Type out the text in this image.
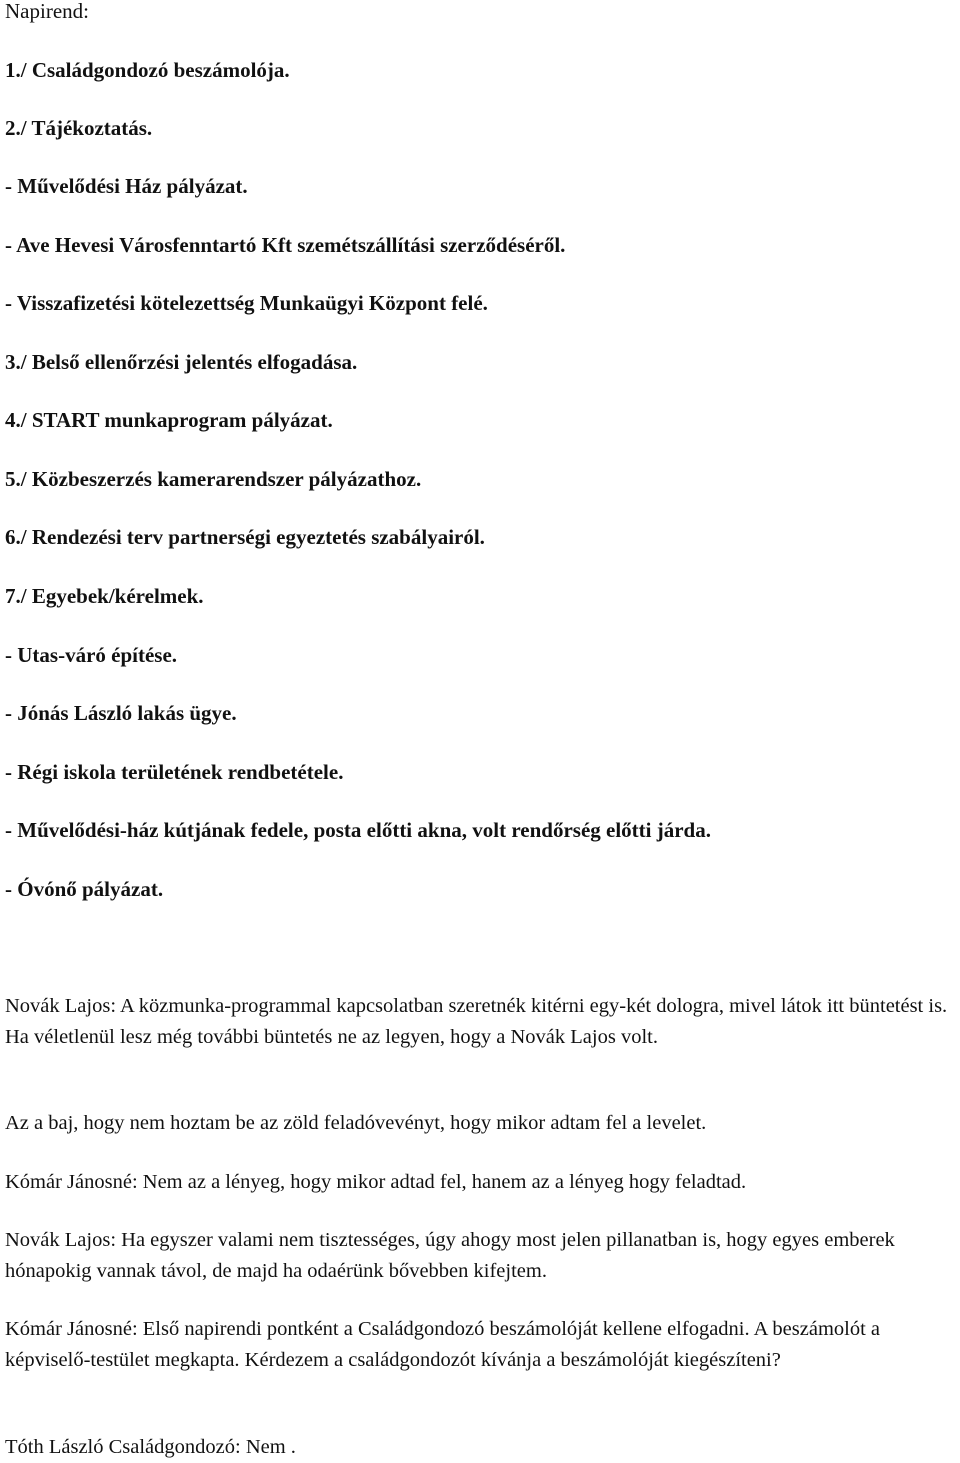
Napirend:
1./ Családgondozó beszámolója.
2./ Tájékoztatás.
- Művelődési Ház pályázat.
- Ave Hevesi Városfenntartó Kft szemétszállítási szerződéséről.
- Visszafizetési kötelezettség Munkaügyi Központ felé.
3./ Belső ellenőrzési jelentés elfogadása.
4./ START munkaprogram pályázat.
5./ Közbeszerzés kamerarendszer pályázathoz.
6./ Rendezési terv partnerségi egyeztetés szabályairól.
7./ Egyebek/kérelmek.
- Utas-váró építése.
- Jónás László lakás ügye.
- Régi iskola területének rendbetétele.
- Művelődési-ház kútjának fedele, posta előtti akna, volt rendőrség előtti járda.
- Óvónő pályázat.
Novák Lajos: A közmunka-programmal kapcsolatban szeretnék kitérni egy-két dologra, mivel látok itt büntetést is. Ha véletlenül lesz még további büntetés ne az legyen, hogy a Novák Lajos volt.
Az a baj, hogy nem hoztam be az zöld feladóvevényt, hogy mikor adtam fel a levelet.
Kómár Jánosné: Nem az a lényeg, hogy mikor adtad fel, hanem az a lényeg hogy feladtad.
Novák Lajos: Ha egyszer valami nem tisztességes, úgy ahogy most jelen pillanatban is, hogy egyes emberek hónapokig vannak távol, de majd ha odaérünk bővebben kifejtem.
Kómár Jánosné: Első napirendi pontként a Családgondozó beszámolóját kellene elfogadni. A beszámolót a képviselő-testület megkapta. Kérdezem a családgondozót kívánja a beszámolóját kiegészíteni?
Tóth László Családgondozó: Nem .
